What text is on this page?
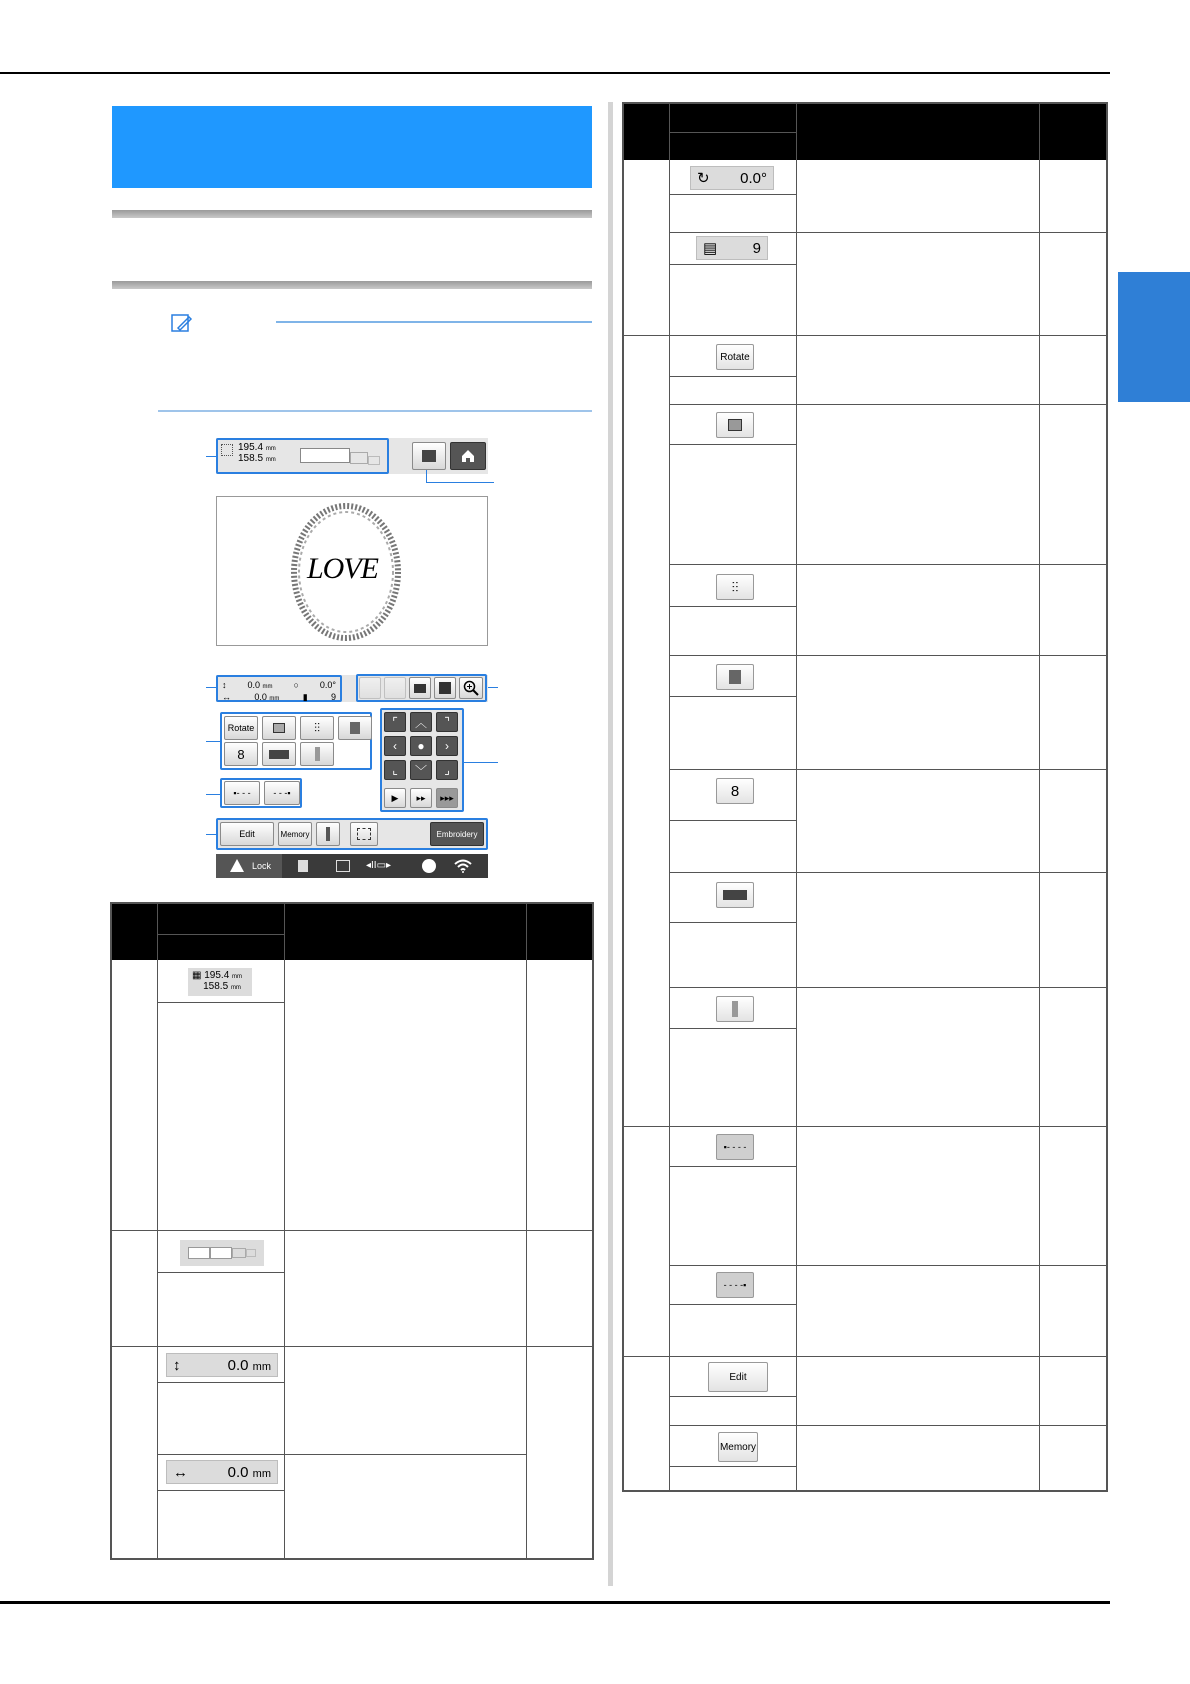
195.4 mm
158.5 mm
LOVE
↕ 0.0 mm ○ 0.0°
↔	0.0 mm	▮	9
Rotate	⫶⫶
8
⌜	︿	⌝
‹ ● ›
⌞	﹀	⌟
▶	▸▸	▸▸▸
▪- - -	- - -▪
Edit	Memory	Embroidery
Lock	◂II▭▸
▦ 195.4 mm
158.5 mm
↕	0.0 mm
↔	0.0 mm
↻ 0.0°
▤ 9
Rotate
⫶⫶
8
▪- - - -
- - - -▪
Edit
Memory
